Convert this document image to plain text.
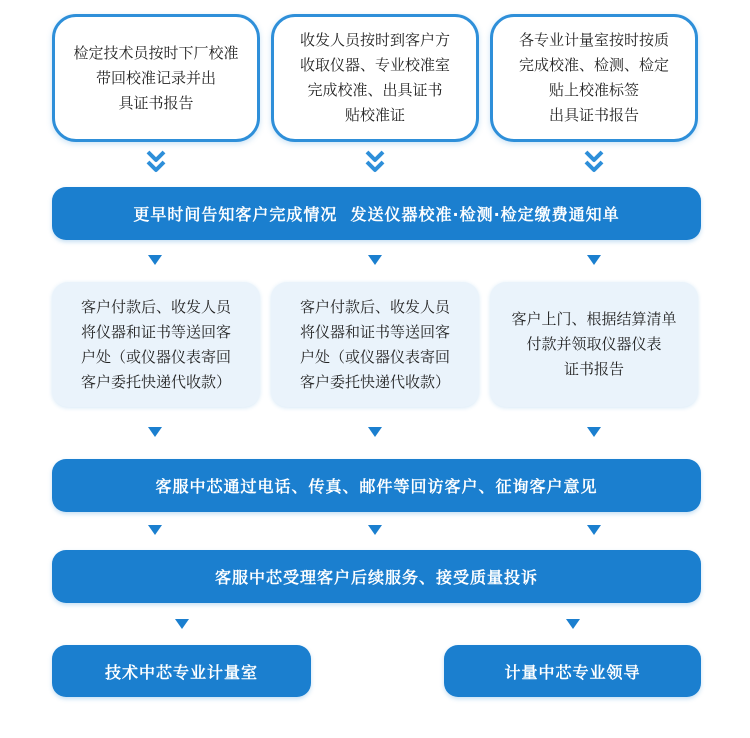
检定技术员按时下厂校准
带回校准记录并出
具证书报告
收发人员按时到客户方
收取仪器、专业校准室
完成校准、出具证书
贴校准证
各专业计量室按时按质
完成校准、检测、检定
贴上校准标签
出具证书报告
更早时间告知客户完成情况  发送仪器校准·检测·检定缴费通知单
客户付款后、收发人员
将仪器和证书等送回客
户处（或仪器仪表寄回
客户委托快递代收款）
客户付款后、收发人员
将仪器和证书等送回客
户处（或仪器仪表寄回
客户委托快递代收款）
客户上门、根据结算清单
付款并领取仪器仪表
证书报告
客服中芯通过电话、传真、邮件等回访客户、征询客户意见
客服中芯受理客户后续服务、接受质量投诉
技术中芯专业计量室	计量中芯专业领导
